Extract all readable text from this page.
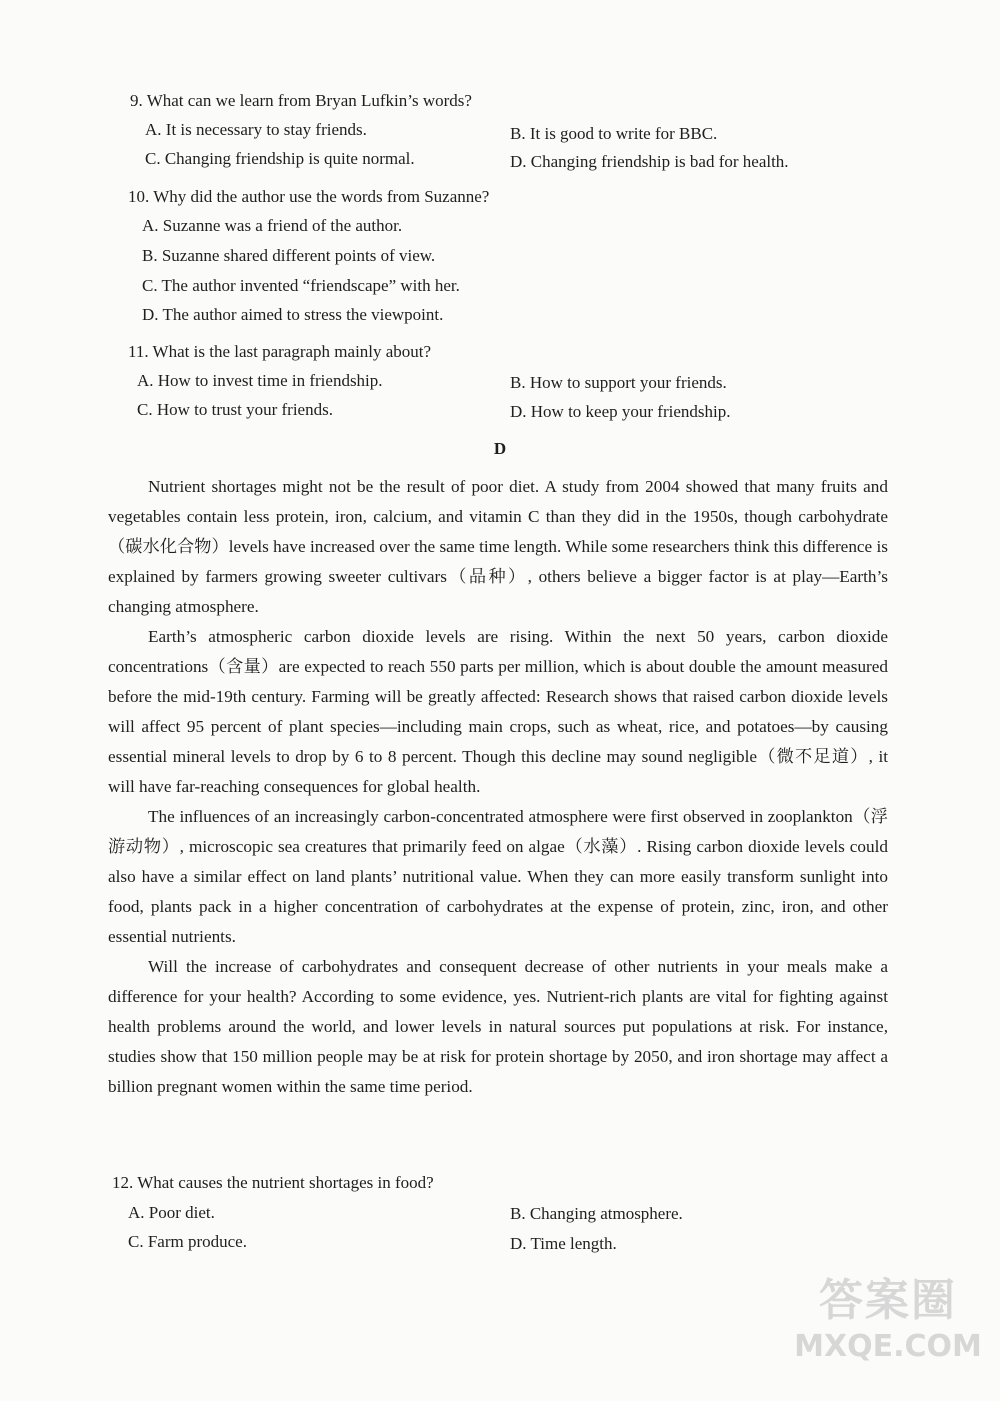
9. What can we learn from Bryan Lufkin’s words?
A. It is necessary to stay friends.	B. It is good to write for BBC.
C. Changing friendship is quite normal.	D. Changing friendship is bad for health.
10. Why did the author use the words from Suzanne?
A. Suzanne was a friend of the author.
B. Suzanne shared different points of view.
C. The author invented “friendscape” with her.
D. The author aimed to stress the viewpoint.
11. What is the last paragraph mainly about?
A. How to invest time in friendship.	B. How to support your friends.
C. How to trust your friends.	D. How to keep your friendship.
D

Nutrient shortages might not be the result of poor diet. A study from 2004 showed that many fruits and vegetables contain less protein, iron, calcium, and vitamin C than they did in the 1950s, though carbohydrate（碳水化合物）levels have increased over the same time length. While some researchers think this difference is explained by farmers growing sweeter cultivars（品种）, others believe a bigger factor is at play—Earth’s changing atmosphere.

Earth’s atmospheric carbon dioxide levels are rising. Within the next 50 years, carbon dioxide concentrations（含量）are expected to reach 550 parts per million, which is about double the amount measured before the mid-19th century. Farming will be greatly affected: Research shows that raised carbon dioxide levels will affect 95 percent of plant species—including main crops, such as wheat, rice, and potatoes—by causing essential mineral levels to drop by 6 to 8 percent. Though this decline may sound negligible（微不足道）, it will have far-reaching consequences for global health.

The influences of an increasingly carbon-concentrated atmosphere were first observed in zooplankton（浮游动物）, microscopic sea creatures that primarily feed on algae（水藻）. Rising carbon dioxide levels could also have a similar effect on land plants’ nutritional value. When they can more easily transform sunlight into food, plants pack in a higher concentration of carbohydrates at the expense of protein, zinc, iron, and other essential nutrients.

Will the increase of carbohydrates and consequent decrease of other nutrients in your meals make a difference for your health? According to some evidence, yes. Nutrient-rich plants are vital for fighting against health problems around the world, and lower levels in natural sources put populations at risk. For instance, studies show that 150 million people may be at risk for protein shortage by 2050, and iron shortage may affect a billion pregnant women within the same time period.

12. What causes the nutrient shortages in food?
A. Poor diet.	B. Changing atmosphere.
C. Farm produce.	D. Time length.
答案圈
MXQE.COM
